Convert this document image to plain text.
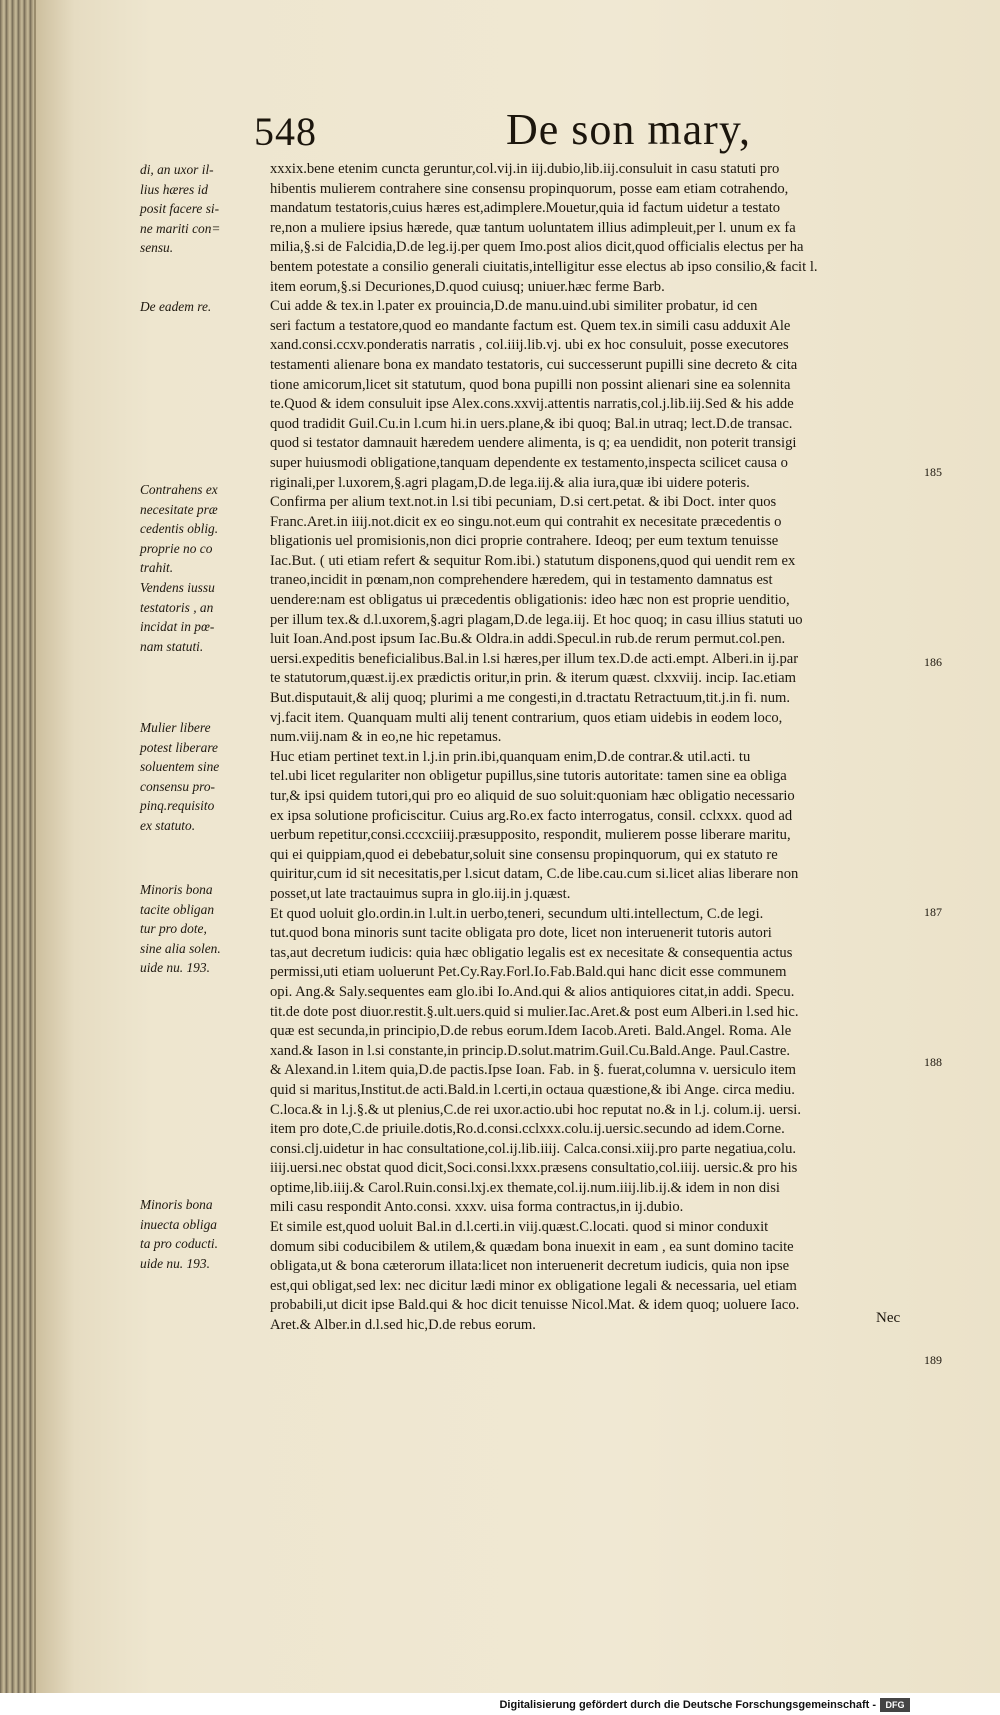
548	De son mary,
di, an uxor il-
lius hæres id
posit facere si-
ne mariti con=
sensu.
De eadem re.
Contrahens ex
necesitate præ
cedentis oblig.
proprie no co
trahit.
Vendens iussu
testatoris , an
incidat in pœ-
nam statuti.
Mulier libere
potest liberare
soluentem sine
consensu pro-
pinq.requisito
ex statuto.
Minoris bona
tacite obligan
tur pro dote,
sine alia solen.
uide nu. 193.
Minoris bona
inuecta obliga
ta pro coducti.
uide nu. 193.
xxxix.bene etenim cuncta geruntur,col.vij.in iij.dubio,lib.iij.consuluit in casu statuti pro
hibentis mulierem contrahere sine consensu propinquorum, posse eam etiam cotrahendo,
mandatum testatoris,cuius hæres est,adimplere.Mouetur,quia id factum uidetur a testato
re,non a muliere ipsius hærede, quæ tantum uoluntatem illius adimpleuit,per l. unum ex fa
milia,§.si de Falcidia,D.de leg.ij.per quem Imo.post alios dicit,quod officialis electus per ha
bentem potestate a consilio generali ciuitatis,intelligitur esse electus ab ipso consilio,& facit l.
item eorum,§.si Decuriones,D.quod cuiusq; uniuer.hæc ferme Barb.
Cui adde & tex.in l.pater ex prouincia,D.de manu.uind.ubi similiter probatur, id cen
seri factum a testatore,quod eo mandante factum est. Quem tex.in simili casu adduxit Ale
xand.consi.ccxv.ponderatis narratis , col.iiij.lib.vj. ubi ex hoc consuluit, posse executores
testamenti alienare bona ex mandato testatoris, cui successerunt pupilli sine decreto & cita
tione amicorum,licet sit statutum, quod bona pupilli non possint alienari sine ea solennita
te.Quod & idem consuluit ipse Alex.cons.xxvij.attentis narratis,col.j.lib.iij.Sed & his adde
quod tradidit Guil.Cu.in l.cum hi.in uers.plane,& ibi quoq; Bal.in utraq; lect.D.de transac.
quod si testator damnauit hæredem uendere alimenta, is q; ea uendidit, non poterit transigi
super huiusmodi obligatione,tanquam dependente ex testamento,inspecta scilicet causa o
riginali,per l.uxorem,§.agri plagam,D.de lega.iij.& alia iura,quæ ibi uidere poteris.
Confirma per alium text.not.in l.si tibi pecuniam, D.si cert.petat. & ibi Doct. inter quos
Franc.Aret.in iiij.not.dicit ex eo singu.not.eum qui contrahit ex necesitate præcedentis o
bligationis uel promisionis,non dici proprie contrahere. Ideoq; per eum textum tenuisse
Iac.But. ( uti etiam refert & sequitur Rom.ibi.) statutum disponens,quod qui uendit rem ex
traneo,incidit in pœnam,non comprehendere hæredem, qui in testamento damnatus est
uendere:nam est obligatus ui præcedentis obligationis: ideo hæc non est proprie uenditio,
per illum tex.& d.l.uxorem,§.agri plagam,D.de lega.iij. Et hoc quoq; in casu illius statuti uo
luit Ioan.And.post ipsum Iac.Bu.& Oldra.in addi.Specul.in rub.de rerum permut.col.pen.
uersi.expeditis beneficialibus.Bal.in l.si hæres,per illum tex.D.de acti.empt. Alberi.in ij.par
te statutorum,quæst.ij.ex prædictis oritur,in prin. & iterum quæst. clxxviij. incip. Iac.etiam
But.disputauit,& alij quoq; plurimi a me congesti,in d.tractatu Retractuum,tit.j.in fi. num.
vj.facit item. Quanquam multi alij tenent contrarium, quos etiam uidebis in eodem loco,
num.viij.nam & in eo,ne hic repetamus.
Huc etiam pertinet text.in l.j.in prin.ibi,quanquam enim,D.de contrar.& util.acti. tu
tel.ubi licet regulariter non obligetur pupillus,sine tutoris autoritate: tamen sine ea obliga
tur,& ipsi quidem tutori,qui pro eo aliquid de suo soluit:quoniam hæc obligatio necessario
ex ipsa solutione proficiscitur. Cuius arg.Ro.ex facto interrogatus, consil. cclxxx. quod ad
uerbum repetitur,consi.cccxciiij.præsupposito, respondit, mulierem posse liberare maritu,
qui ei quippiam,quod ei debebatur,soluit sine consensu propinquorum, qui ex statuto re
quiritur,cum id sit necesitatis,per l.sicut datam, C.de libe.cau.cum si.licet alias liberare non
posset,ut late tractauimus supra in glo.iij.in j.quæst.
Et quod uoluit glo.ordin.in l.ult.in uerbo,teneri, secundum ulti.intellectum, C.de legi.
tut.quod bona minoris sunt tacite obligata pro dote, licet non interuenerit tutoris autori
tas,aut decretum iudicis: quia hæc obligatio legalis est ex necesitate & consequentia actus
permissi,uti etiam uoluerunt Pet.Cy.Ray.Forl.Io.Fab.Bald.qui hanc dicit esse communem
opi. Ang.& Saly.sequentes eam glo.ibi Io.And.qui & alios antiquiores citat,in addi. Specu.
tit.de dote post diuor.restit.§.ult.uers.quid si mulier.Iac.Aret.& post eum Alberi.in l.sed hic.
quæ est secunda,in principio,D.de rebus eorum.Idem Iacob.Areti. Bald.Angel. Roma. Ale
xand.& Iason in l.si constante,in princip.D.solut.matrim.Guil.Cu.Bald.Ange. Paul.Castre.
& Alexand.in l.item quia,D.de pactis.Ipse Ioan. Fab. in §. fuerat,columna v. uersiculo item
quid si maritus,Institut.de acti.Bald.in l.certi,in octaua quæstione,& ibi Ange. circa mediu.
C.loca.& in l.j.§.& ut plenius,C.de rei uxor.actio.ubi hoc reputat no.& in l.j. colum.ij. uersi.
item pro dote,C.de priuile.dotis,Ro.d.consi.cclxxx.colu.ij.uersic.secundo ad idem.Corne.
consi.clj.uidetur in hac consultatione,col.ij.lib.iiij. Calca.consi.xiij.pro parte negatiua,colu.
iiij.uersi.nec obstat quod dicit,Soci.consi.lxxx.præsens consultatio,col.iiij. uersic.& pro his
optime,lib.iiij.& Carol.Ruin.consi.lxj.ex themate,col.ij.num.iiij.lib.ij.& idem in non disi
mili casu respondit Anto.consi. xxxv. uisa forma contractus,in ij.dubio.
Et simile est,quod uoluit Bal.in d.l.certi.in viij.quæst.C.locati. quod si minor conduxit
domum sibi coducibilem & utilem,& quædam bona inuexit in eam , ea sunt domino tacite
obligata,ut & bona cæterorum illata:licet non interuenerit decretum iudicis, quia non ipse
est,qui obligat,sed lex: nec dicitur lædi minor ex obligatione legali & necessaria, uel etiam
probabili,ut dicit ipse Bald.qui & hoc dicit tenuisse Nicol.Mat. & idem quoq; uoluere Iaco.
Aret.& Alber.in d.l.sed hic,D.de rebus eorum.
185
186
187
188
189
Nec
Digitalisierung gefördert durch die Deutsche Forschungsgemeinschaft -	DFG
